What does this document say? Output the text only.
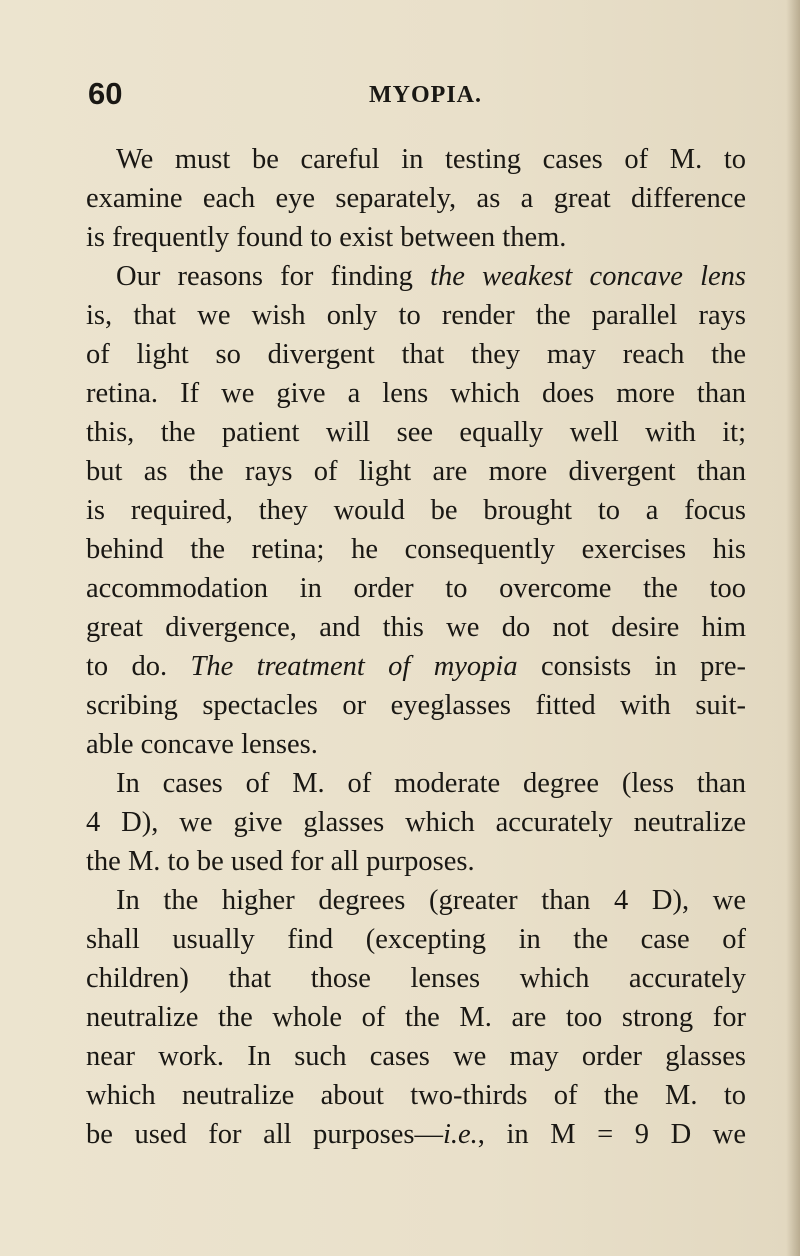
60	MYOPIA.
We must be careful in testing cases of M. to
examine each eye separately, as a great difference
is frequently found to exist between them.
Our reasons for finding the weakest concave lens
is, that we wish only to render the parallel rays
of light so divergent that they may reach the
retina. If we give a lens which does more than
this, the patient will see equally well with it;
but as the rays of light are more divergent than
is required, they would be brought to a focus
behind the retina; he consequently exercises his
accommodation in order to overcome the too
great divergence, and this we do not desire him
to do. The treatment of myopia consists in pre-
scribing spectacles or eyeglasses fitted with suit-
able concave lenses.
In cases of M. of moderate degree (less than
4 D), we give glasses which accurately neutralize
the M. to be used for all purposes.
In the higher degrees (greater than 4 D), we
shall usually find (excepting in the case of
children) that those lenses which accurately
neutralize the whole of the M. are too strong for
near work. In such cases we may order glasses
which neutralize about two-thirds of the M. to
be used for all purposes—i.e., in M = 9 D we
